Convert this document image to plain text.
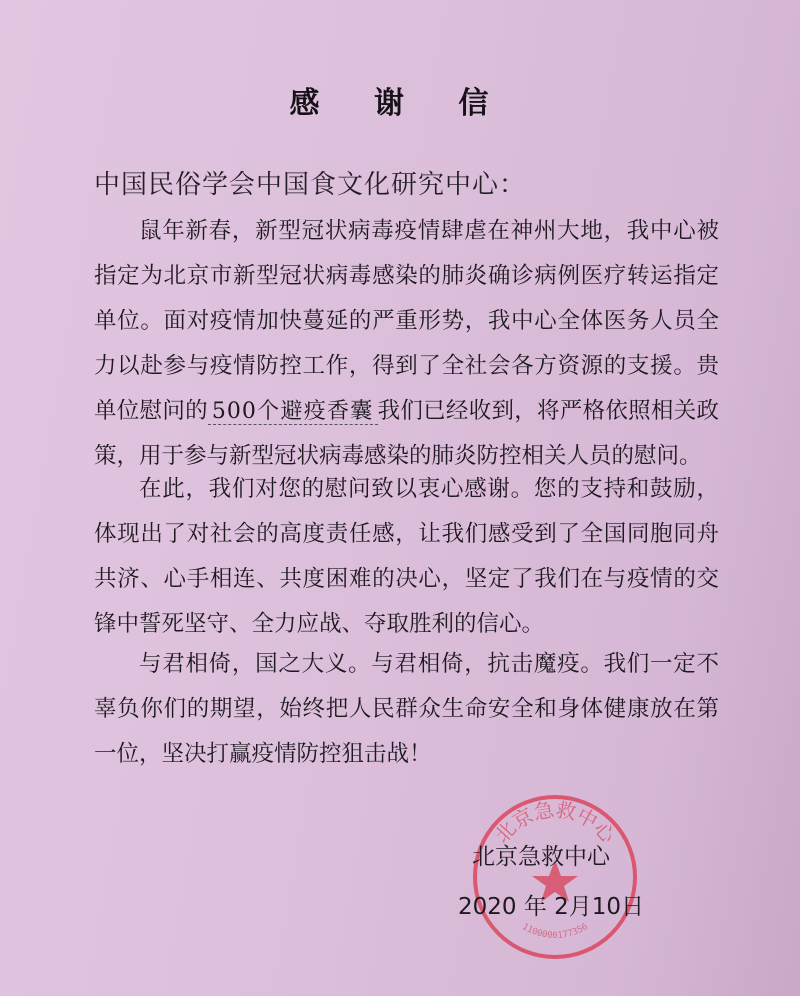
感 谢 信
中国民俗学会中国食文化研究中心：
鼠年新春，新型冠状病毒疫情肆虐在神州大地，我中心被指定为北京市新型冠状病毒感染的肺炎确诊病例医疗转运指定单位。面对疫情加快蔓延的严重形势，我中心全体医务人员全力以赴参与疫情防控工作，得到了全社会各方资源的支援。贵单位慰问的 500个避疫香囊 我们已经收到，将严格依照相关政策，用于参与新型冠状病毒感染的肺炎防控相关人员的慰问。
在此，我们对您的慰问致以衷心感谢。您的支持和鼓励，体现出了对社会的高度责任感，让我们感受到了全国同胞同舟共济、心手相连、共度困难的决心，坚定了我们在与疫情的交锋中誓死坚守、全力应战、夺取胜利的信心。
与君相倚，国之大义。与君相倚，抗击魔疫。我们一定不辜负你们的期望，始终把人民群众生命安全和身体健康放在第一位，坚决打赢疫情防控狙击战！
北京急救中心
1100000177356
北京急救中心
2020 年 2月10日
